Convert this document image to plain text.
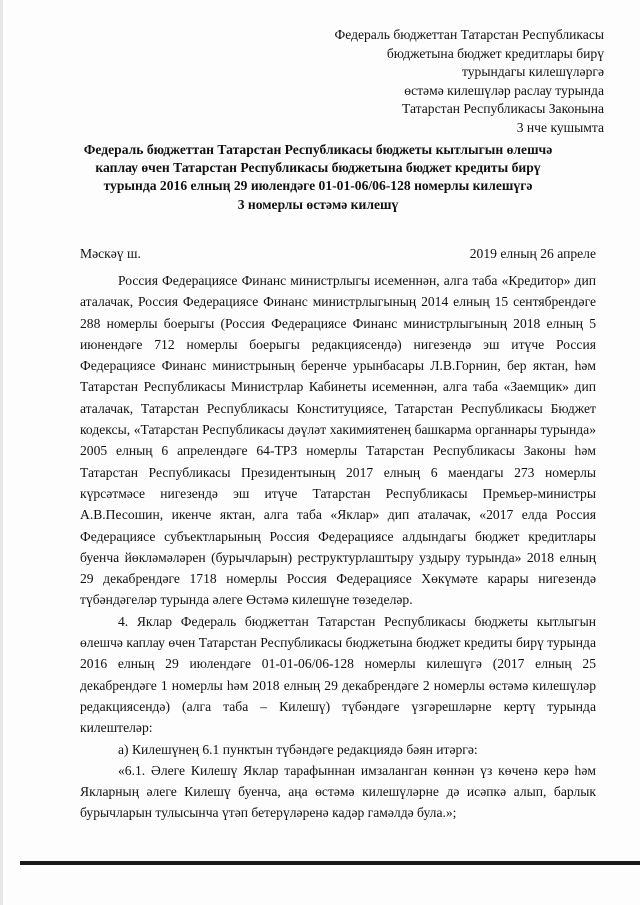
Федераль бюджеттан Татарстан Республикасы
бюджетына бюджет кредитлары бирү
турындагы килешүләргә
өстәмә килешүләр раслау турында
Татарстан Республикасы Законына
3 нче кушымта
Федераль бюджеттан Татарстан Республикасы бюджеты кытлыгын өлешчә
каплау өчен Татарстан Республикасы бюджетына бюджет кредиты бирү
турында 2016 елның 29 июлендәге 01-01-06/06-128 номерлы килешүгә
3 номерлы өстәмә килешү
Мәскәү ш.	2019 елның 26 апреле

Россия Федерациясе Финанс министрлыгы исеменнән, алга таба «Кредитор» дип аталачак, Россия Федерациясе Финанс министрлыгының 2014 елның 15 сентябрендәге 288 номерлы боерыгы (Россия Федерациясе Финанс министрлыгының 2018 елның 5 июнендәге 712 номерлы боерыгы редакциясендә) нигезендә эш итүче Россия Федерациясе Финанс министрының беренче урынбасары Л.В.Горнин, бер яктан, һәм Татарстан Республикасы Министрлар Кабинеты исеменнән, алга таба «Заемщик» дип аталачак, Татарстан Республикасы Конституциясе, Татарстан Республикасы Бюджет кодексы, «Татарстан Республикасы дәүләт хакимиятенең башкарма органнары турында» 2005 елның 6 апрелендәге 64-ТРЗ номерлы Татарстан Республикасы Законы һәм Татарстан Республикасы Президентының 2017 елның 6 маендагы 273 номерлы күрсәтмәсе нигезендә эш итүче Татарстан Республикасы Премьер-министры А.В.Песошин, икенче яктан, алга таба «Яклар» дип аталачак, «2017 елда Россия Федерациясе субъектларының Россия Федерациясе алдындагы бюджет кредитлары буенча йөкләмәләрен (бурычларын) реструктурлаштыру уздыру турында» 2018 елның 29 декабрендәге 1718 номерлы Россия Федерациясе Хөкүмәте карары нигезендә түбәндәгеләр турында әлеге Өстәмә килешүне төзеделәр.

4. Яклар Федераль бюджеттан Татарстан Республикасы бюджеты кытлыгын өлешчә каплау өчен Татарстан Республикасы бюджетына бюджет кредиты бирү турында 2016 елның 29 июлендәге 01-01-06/06-128 номерлы килешүгә (2017 елның 25 декабрендәге 1 номерлы һәм 2018 елның 29 декабрендәге 2 номерлы өстәмә килешүләр редакциясендә) (алга таба – Килешү) түбәндәге үзгәрешләрне кертү турында килештеләр:

а) Килешүнең 6.1 пунктын түбәндәге редакциядә бәян итәргә:

«6.1. Әлеге Килешү Яклар тарафыннан имзаланган көннән үз көченә керә һәм Якларның әлеге Килешү буенча, аңа өстәмә килешүләрне дә исәпкә алып, барлык бурычларын тулысынча үтәп бетерүләренә кадәр гамәлдә була.»;
